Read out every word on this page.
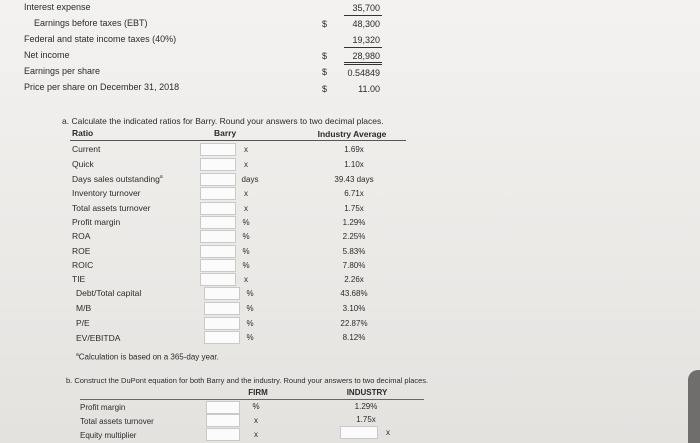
Interest expense	35,700
Earnings before taxes (EBT)	$	48,300
Federal and state income taxes (40%)	19,320
Net income	$	28,980
Earnings per share	$	0.54849
Price per share on December 31, 2018	$	11.00
a. Calculate the indicated ratios for Barry. Round your answers to two decimal places.
Ratio	Barry	Industry Average
Current	x	1.69x
Quick	x	1.10x
Days sales outstanding$^a$	days	39.43 days
Inventory turnover	x	6.71x
Total assets turnover	x	1.75x
Profit margin	%	1.29%
ROA	%	2.25%
ROE	%	5.83%
ROIC	%	7.80%
TIE	x	2.26x
Debt/Total capital	%	43.68%
M/B	%	3.10%
P/E	%	22.87%
EV/EBITDA	%	8.12%
$^a$Calculation is based on a 365-day year.
b. Construct the DuPont equation for both Barry and the industry. Round your answers to two decimal places.
FIRM	INDUSTRY
Profit margin	%	1.29%
Total assets turnover	x	1.75x
Equity multiplier	x	x
